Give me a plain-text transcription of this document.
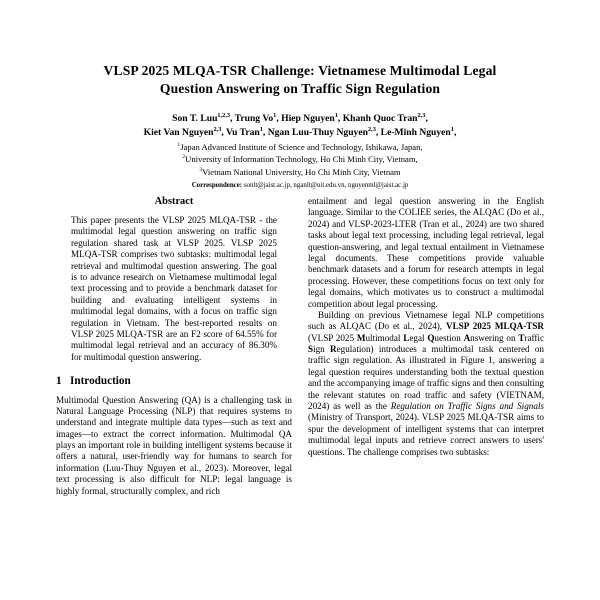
VLSP 2025 MLQA-TSR Challenge: Vietnamese Multimodal Legal
Question Answering on Traffic Sign Regulation
Son T. Luu$^{1,2,3}$, Trung Vo$^1$, Hiep Nguyen$^1$, Khanh Quoc Tran$^{2,3}$,
Kiet Van Nguyen$^{2,3}$, Vu Tran$^1$, Ngan Luu-Thuy Nguyen$^{2,3}$, Le-Minh Nguyen$^1$,
$^1$Japan Advanced Institute of Science and Technology, Ishikawa, Japan,
$^2$University of Information Technology, Ho Chi Minh City, Vietnam,
$^3$Vietnam National University, Ho Chi Minh City, Vietnam
Correspondence: sonlt@jaist.ac.jp, nganlt@uit.edu.vn, nguyenml@jaist.ac.jp
Abstract

This paper presents the VLSP 2025 MLQA-TSR - the multimodal legal question answering on traffic sign regulation shared task at VLSP 2025. VLSP 2025 MLQA-TSR comprises two subtasks: multimodal legal retrieval and multimodal question answering. The goal is to advance research on Vietnamese multimodal legal text processing and to provide a benchmark dataset for building and evaluating intelligent systems in multimodal legal domains, with a focus on traffic sign regulation in Vietnam. The best-reported results on VLSP 2025 MLQA-TSR are an F2 score of 64.55% for multimodal legal retrieval and an accuracy of 86.30% for multimodal question answering.

1 Introduction

Multimodal Question Answering (QA) is a challenging task in Natural Language Processing (NLP) that requires systems to understand and integrate multiple data types—such as text and images—to extract the correct information. Multimodal QA plays an important role in building intelligent systems because it offers a natural, user-friendly way for humans to search for information (Luu-Thuy Nguyen et al., 2023). Moreover, legal text processing is also difficult for NLP: legal language is highly formal, structurally complex, and rich

entailment and legal question answering in the English language. Similar to the COLIEE series, the ALQAC (Do et al., 2024) and VLSP-2023-LTER (Tran et al., 2024) are two shared tasks about legal text processing, including legal retrieval, legal question-answering, and legal textual entailment in Vietnamese legal documents. These competitions provide valuable benchmark datasets and a forum for research attempts in legal processing. However, these competitions focus on text only for legal domains, which motivates us to construct a multimodal competition about legal processing.

Building on previous Vietnamese legal NLP competitions such as ALQAC (Do et al., 2024), VLSP 2025 MLQA-TSR (VLSP 2025 Multimodal Legal Question Answering on Traffic Sign Regulation) introduces a multimodal task centered on traffic sign regulation. As illustrated in Figure 1, answering a legal question requires understanding both the textual question and the accompanying image of traffic signs and then consulting the relevant statutes on road traffic and safety (VIETNAM, 2024) as well as the Regulation on Traffic Signs and Signals (Ministry of Transport, 2024). VLSP 2025 MLQA-TSR aims to spur the development of intelligent systems that can interpret multimodal legal inputs and retrieve correct answers to users' questions. The challenge comprises two subtasks:
